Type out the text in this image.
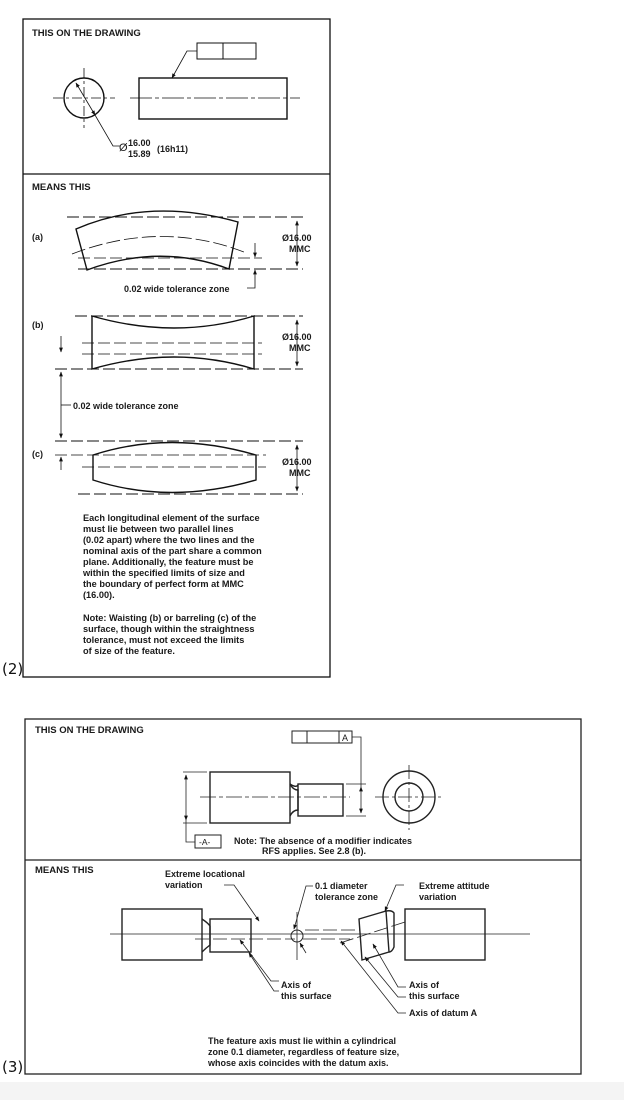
(2)
(3)
THIS ON THE DRAWING
MEANS THIS
Ø 16.00
15.89 (16h11)
(a)	Ø16.00
MMC
0.02 wide tolerance zone
(b)
Ø16.00
MMC
0.02 wide tolerance zone
(c)
Ø16.00
MMC
Each longitudinal element of the surface
must lie between two parallel lines
(0.02 apart) where the two lines and the
nominal axis of the part share a common
plane. Additionally, the feature must be
within the specified limits of size and
the boundary of perfect form at MMC
(16.00).
Note: Waisting (b) or barreling (c) of the
surface, though within the straightness
tolerance, must not exceed the limits
of size of the feature.
THIS ON THE DRAWING
MEANS THIS
A
-A-	Note: The absence of a modifier indicates
RFS applies. See 2.8 (b).
Extreme locational
variation	0.1 diameter
tolerance zone
Extreme attitude
variation
Axis of
this surface
Axis of
this surface
Axis of datum A
The feature axis must lie within a cylindrical
zone 0.1 diameter, regardless of feature size,
whose axis coincides with the datum axis.
